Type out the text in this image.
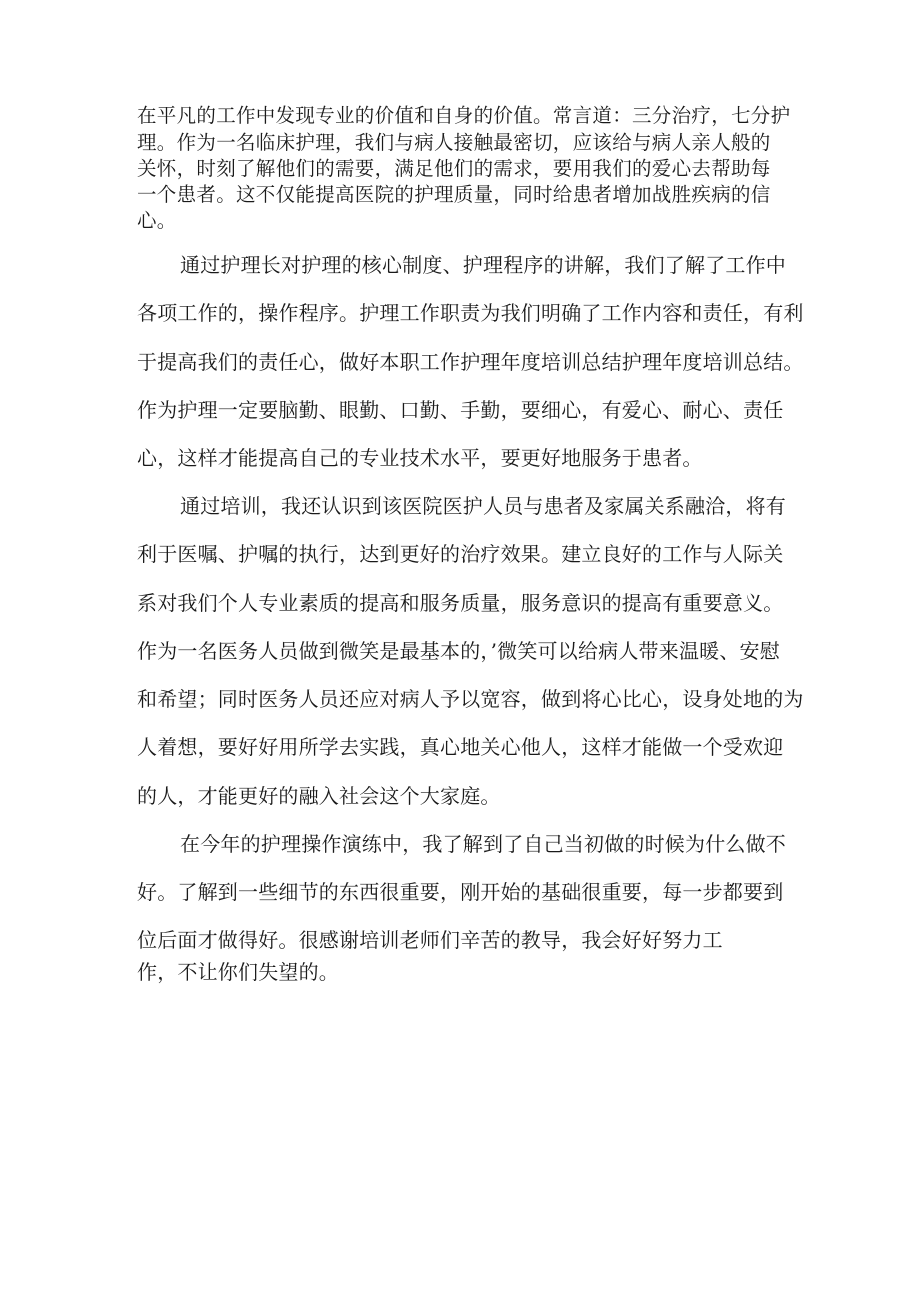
在平凡的工作中发现专业的价值和自身的价值。常言道：三分治疗，七分护
理。作为一名临床护理，我们与病人接触最密切，应该给与病人亲人般的
关怀，时刻了解他们的需要，满足他们的需求，要用我们的爱心去帮助每
一个患者。这不仅能提高医院的护理质量，同时给患者增加战胜疾病的信
心。
通过护理长对护理的核心制度、护理程序的讲解，我们了解了工作中
各项工作的，操作程序。护理工作职责为我们明确了工作内容和责任，有利
于提高我们的责任心，做好本职工作护理年度培训总结护理年度培训总结。
作为护理一定要脑勤、眼勤、口勤、手勤，要细心，有爱心、耐心、责任
心，这样才能提高自己的专业技术水平，要更好地服务于患者。
通过培训，我还认识到该医院医护人员与患者及家属关系融洽，将有
利于医嘱、护嘱的执行，达到更好的治疗效果。建立良好的工作与人际关
系对我们个人专业素质的提高和服务质量，服务意识的提高有重要意义。
作为一名医务人员做到微笑是最基本的，’微笑可以给病人带来温暖、安慰
和希望；同时医务人员还应对病人予以宽容，做到将心比心，设身处地的为
人着想，要好好用所学去实践，真心地关心他人，这样才能做一个受欢迎
的人，才能更好的融入社会这个大家庭。
在今年的护理操作演练中，我了解到了自己当初做的时候为什么做不
好。了解到一些细节的东西很重要，刚开始的基础很重要，每一步都要到
位后面才做得好。很感谢培训老师们辛苦的教导，我会好好努力工
作，不让你们失望的。
